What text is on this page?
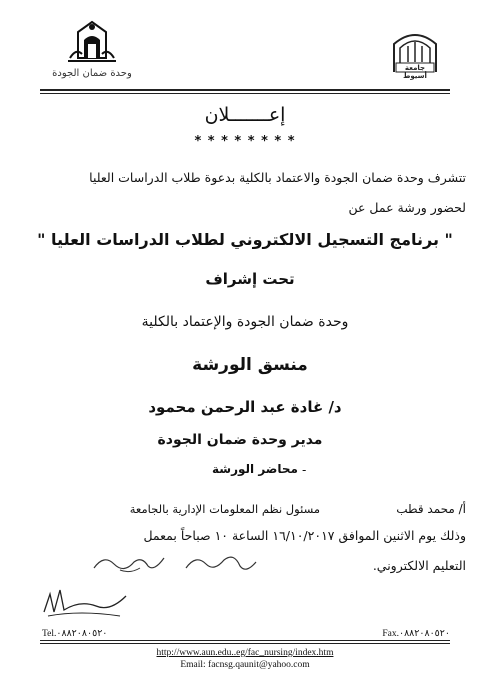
وحدة ضمان الجودة	جامعة أسيوط
إعـــــــلان
* * * * * * * *
تتشرف وحدة ضمان الجودة والاعتماد بالكلية بدعوة طلاب الدراسات العليا
لحضور ورشة عمل عن
" برنامج التسجيل الالكتروني لطلاب الدراسات العليا "
تحت إشراف
وحدة ضمان الجودة والإعتماد بالكلية
منسق الورشة
د/ غادة عبد الرحمن محمود
مدير وحدة ضمان الجودة
محاضر الورشة -
أ/ محمد قطب
مسئول نظم المعلومات الإدارية بالجامعة
وذلك يوم الاثنين الموافق ١٦/١٠/٢٠١٧ الساعة ١٠ صباحاً بمعمل
التعليم الالكتروني.
Tel.٠٨٨٢٠٨٠٥٢٠	Fax.٠٨٨٢٠٨٠٥٢٠
http://www.aun.edu..eg/fac_nursing/index.htm
Email: facnsg.qaunit@yahoo.com
